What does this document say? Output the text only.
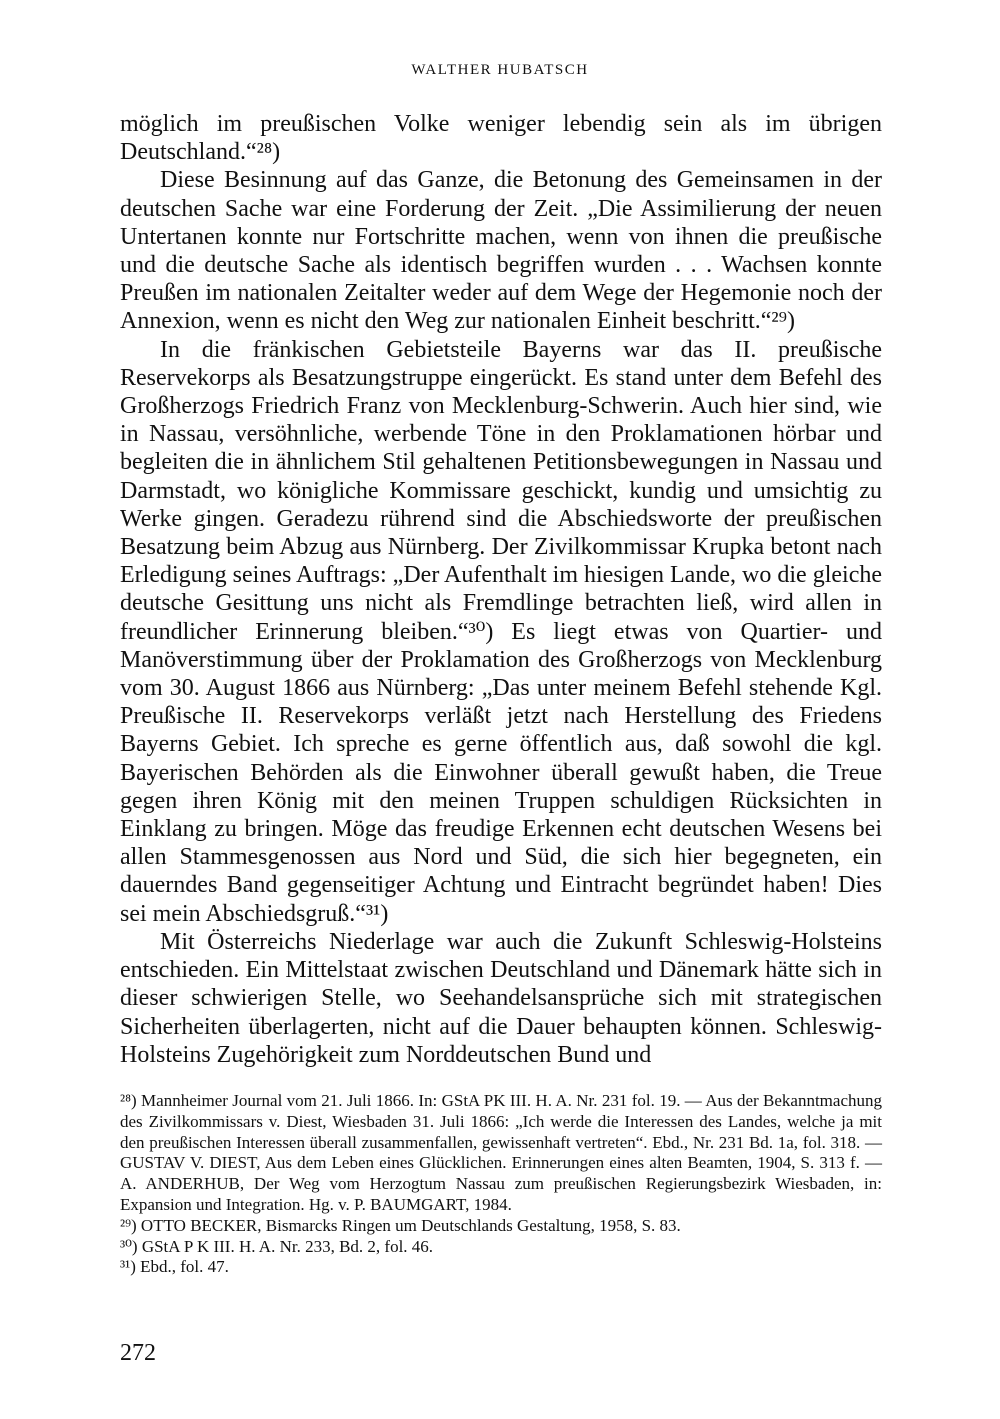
WALTHER HUBATSCH

möglich im preußischen Volke weniger lebendig sein als im übrigen Deutschland.“²⁸)

Diese Besinnung auf das Ganze, die Betonung des Gemeinsamen in der deutschen Sache war eine Forderung der Zeit. „Die Assimilierung der neuen Untertanen konnte nur Fortschritte machen, wenn von ihnen die preußische und die deutsche Sache als identisch begriffen wurden . . . Wachsen konnte Preußen im nationalen Zeitalter weder auf dem Wege der Hegemonie noch der Annexion, wenn es nicht den Weg zur nationalen Einheit beschritt.“²⁹)

In die fränkischen Gebietsteile Bayerns war das II. preußische Reservekorps als Besatzungstruppe eingerückt. Es stand unter dem Befehl des Großherzogs Friedrich Franz von Mecklenburg-Schwerin. Auch hier sind, wie in Nassau, versöhnliche, werbende Töne in den Proklamationen hörbar und begleiten die in ähnlichem Stil gehaltenen Petitionsbewegungen in Nassau und Darmstadt, wo königliche Kommissare geschickt, kundig und umsichtig zu Werke gingen. Geradezu rührend sind die Abschiedsworte der preußischen Besatzung beim Abzug aus Nürnberg. Der Zivilkommissar Krupka betont nach Erledigung seines Auftrags: „Der Aufenthalt im hiesigen Lande, wo die gleiche deutsche Gesittung uns nicht als Fremdlinge betrachten ließ, wird allen in freundlicher Erinnerung bleiben.“³⁰) Es liegt etwas von Quartier- und Manöverstimmung über der Proklamation des Großherzogs von Mecklenburg vom 30. August 1866 aus Nürnberg: „Das unter meinem Befehl stehende Kgl. Preußische II. Reservekorps verläßt jetzt nach Herstellung des Friedens Bayerns Gebiet. Ich spreche es gerne öffentlich aus, daß sowohl die kgl. Bayerischen Behörden als die Einwohner überall gewußt haben, die Treue gegen ihren König mit den meinen Truppen schuldigen Rücksichten in Einklang zu bringen. Möge das freudige Erkennen echt deutschen Wesens bei allen Stammesgenossen aus Nord und Süd, die sich hier begegneten, ein dauerndes Band gegenseitiger Achtung und Eintracht begründet haben! Dies sei mein Abschiedsgruß.“³¹)

Mit Österreichs Niederlage war auch die Zukunft Schleswig-Holsteins entschieden. Ein Mittelstaat zwischen Deutschland und Dänemark hätte sich in dieser schwierigen Stelle, wo Seehandelsansprüche sich mit strategischen Sicherheiten überlagerten, nicht auf die Dauer behaupten können. Schleswig-Holsteins Zugehörigkeit zum Norddeutschen Bund und

²⁸) Mannheimer Journal vom 21. Juli 1866. In: GStA PK III. H. A. Nr. 231 fol. 19. — Aus der Bekanntmachung des Zivilkommissars v. Diest, Wiesbaden 31. Juli 1866: „Ich werde die Interessen des Landes, welche ja mit den preußischen Interessen überall zusammenfallen, gewissenhaft vertreten“. Ebd., Nr. 231 Bd. 1a, fol. 318. — GUSTAV V. DIEST, Aus dem Leben eines Glücklichen. Erinnerungen eines alten Beamten, 1904, S. 313 f. — A. ANDERHUB, Der Weg vom Herzogtum Nassau zum preußischen Regierungsbezirk Wiesbaden, in: Expansion und Integration. Hg. v. P. BAUMGART, 1984.

²⁹) OTTO BECKER, Bismarcks Ringen um Deutschlands Gestaltung, 1958, S. 83.

³⁰) GStA P K III. H. A. Nr. 233, Bd. 2, fol. 46.

³¹) Ebd., fol. 47.

272
